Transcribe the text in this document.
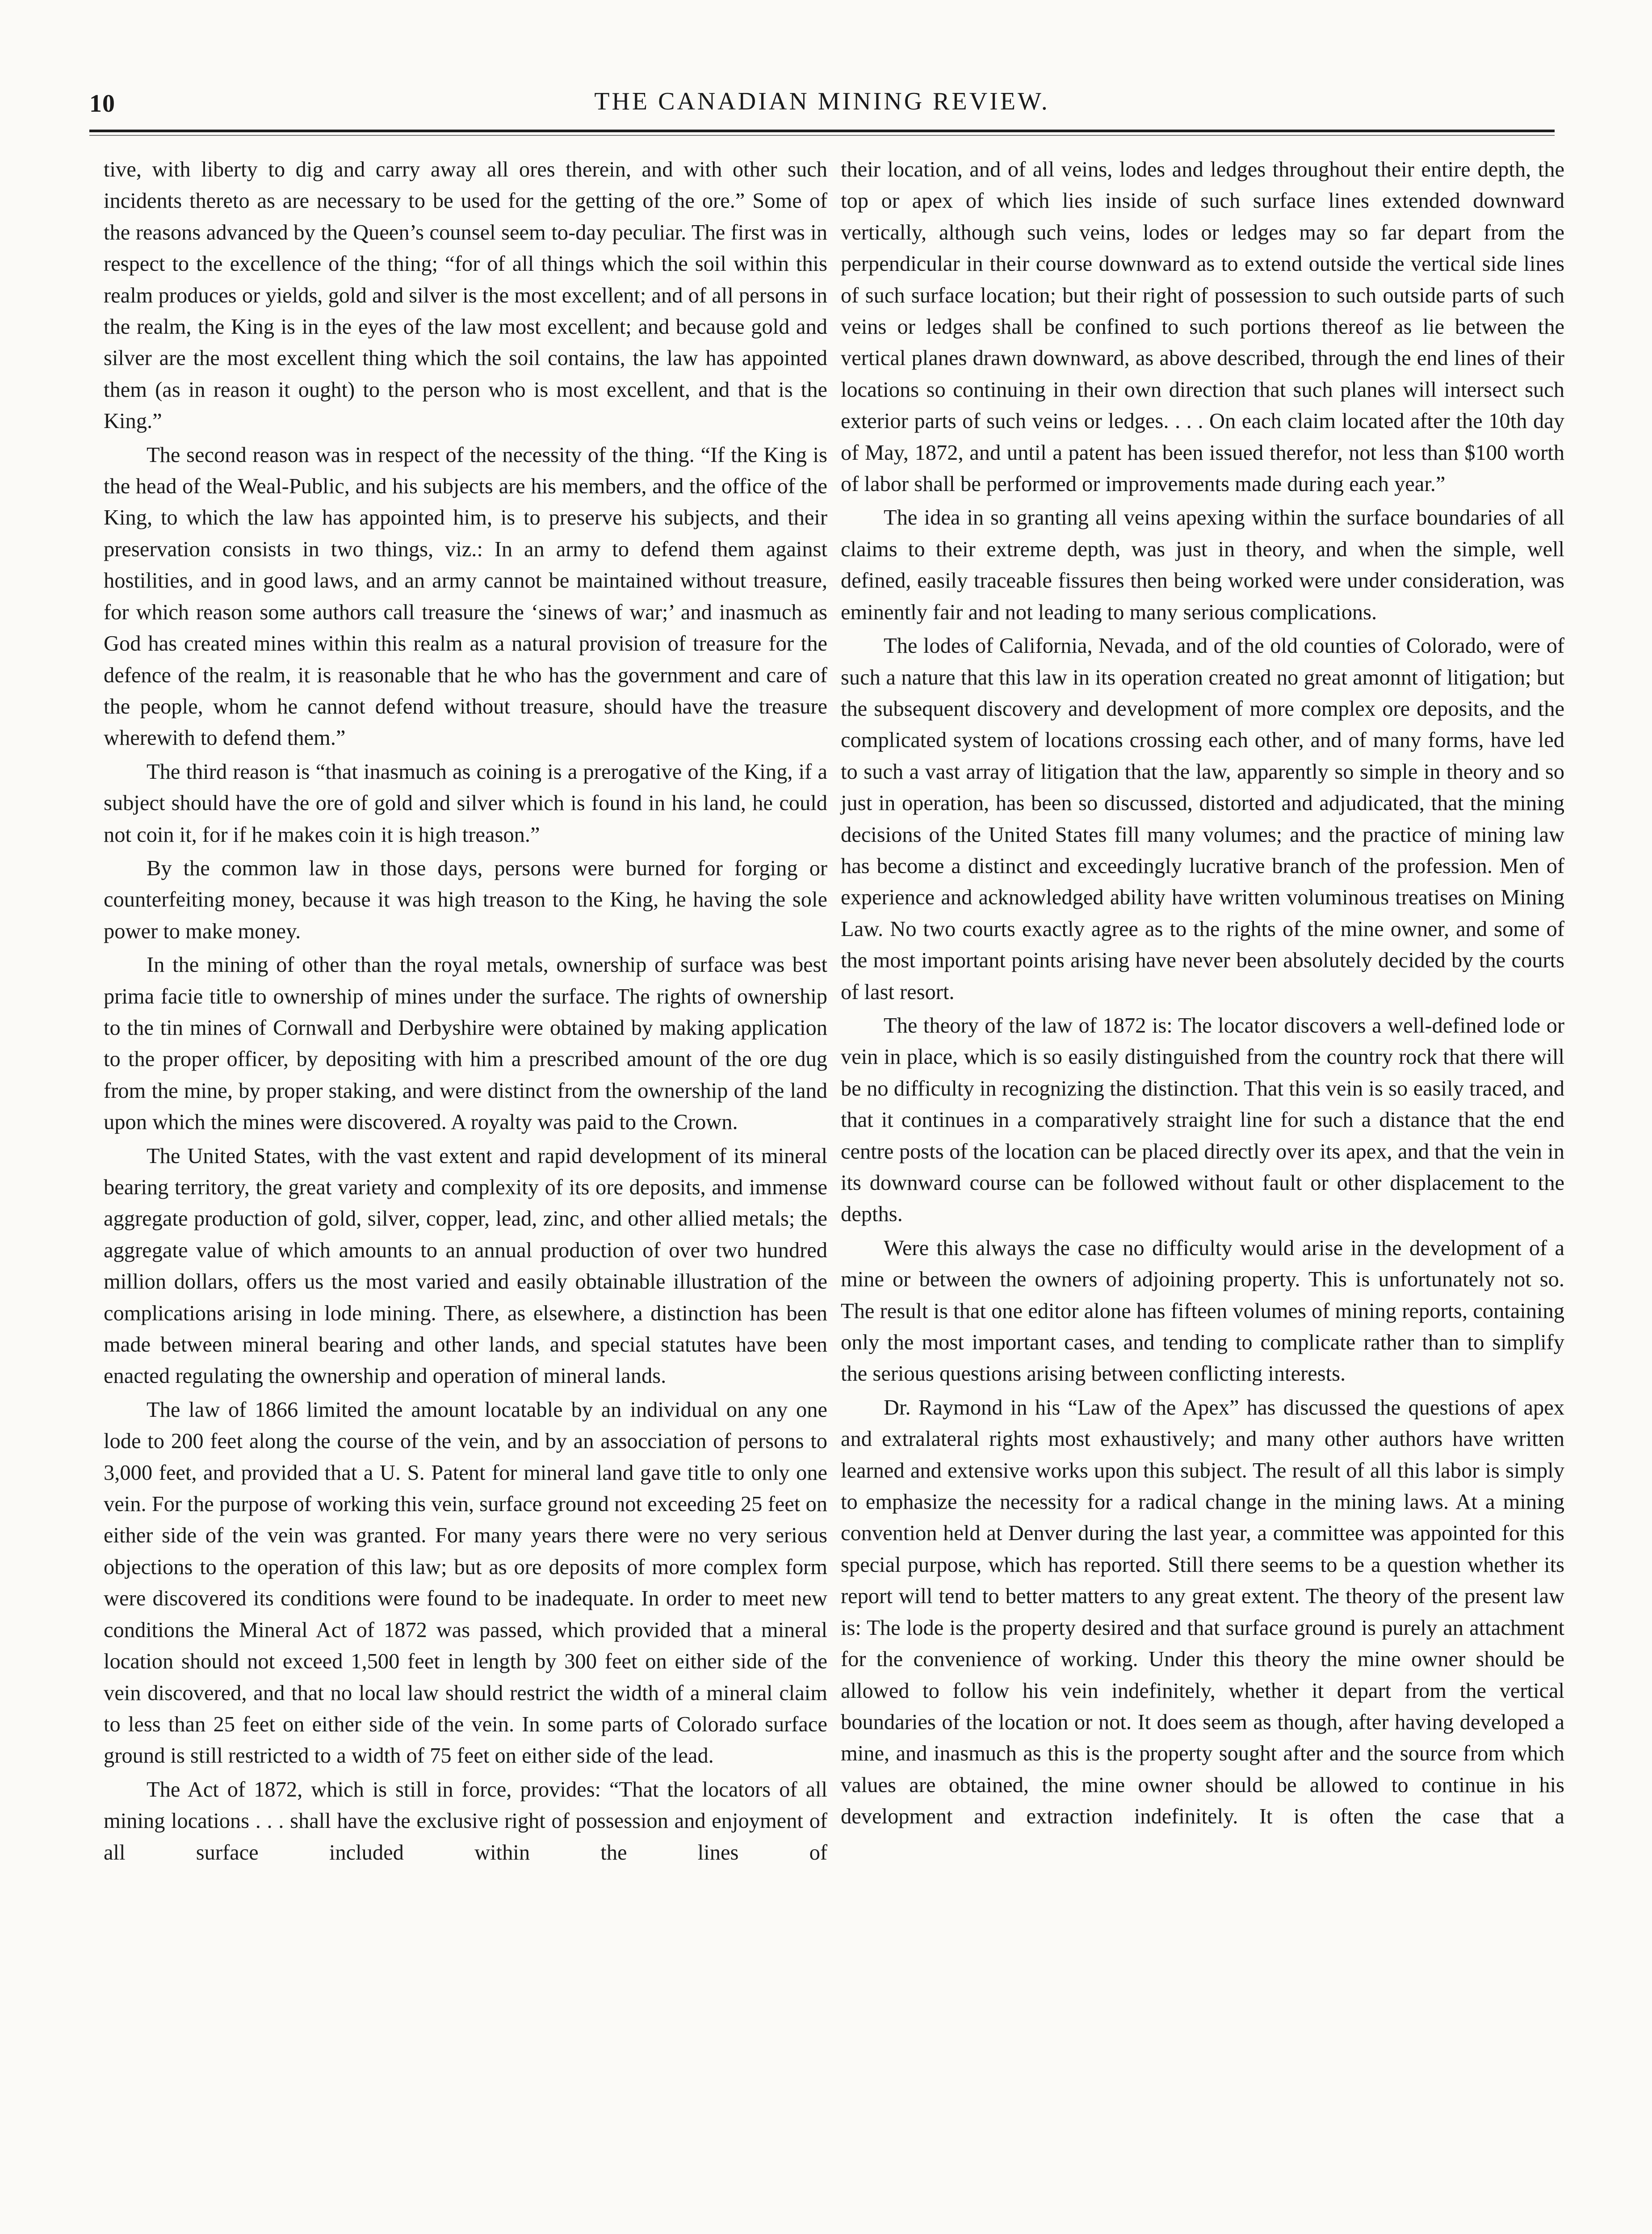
10	THE CANADIAN MINING REVIEW.

tive, with liberty to dig and carry away all ores therein, and with other such incidents thereto as are necessary to be used for the getting of the ore.” Some of the reasons advanced by the Queen’s counsel seem to-day peculiar. The first was in respect to the excellence of the thing; “for of all things which the soil within this realm produces or yields, gold and silver is the most excellent; and of all persons in the realm, the King is in the eyes of the law most excellent; and because gold and silver are the most excellent thing which the soil contains, the law has appointed them (as in reason it ought) to the person who is most excellent, and that is the King.”

The second reason was in respect of the necessity of the thing. “If the King is the head of the Weal-Public, and his subjects are his members, and the office of the King, to which the law has appointed him, is to preserve his subjects, and their preservation consists in two things, viz.: In an army to defend them against hostilities, and in good laws, and an army cannot be maintained without treasure, for which reason some authors call treasure the ‘sinews of war;’ and inasmuch as God has created mines within this realm as a natural provision of treasure for the defence of the realm, it is reasonable that he who has the government and care of the people, whom he cannot defend without treasure, should have the treasure wherewith to defend them.”

The third reason is “that inasmuch as coining is a prerogative of the King, if a subject should have the ore of gold and silver which is found in his land, he could not coin it, for if he makes coin it is high treason.”

By the common law in those days, persons were burned for forging or counterfeiting money, because it was high treason to the King, he having the sole power to make money.

In the mining of other than the royal metals, ownership of surface was best prima facie title to ownership of mines under the surface. The rights of ownership to the tin mines of Cornwall and Derbyshire were obtained by making application to the proper officer, by depositing with him a prescribed amount of the ore dug from the mine, by proper staking, and were distinct from the ownership of the land upon which the mines were discovered. A royalty was paid to the Crown.

The United States, with the vast extent and rapid development of its mineral bearing territory, the great variety and complexity of its ore deposits, and immense aggregate production of gold, silver, copper, lead, zinc, and other allied metals; the aggregate value of which amounts to an annual production of over two hundred million dollars, offers us the most varied and easily obtainable illustration of the complications arising in lode mining. There, as elsewhere, a distinction has been made between mineral bearing and other lands, and special statutes have been enacted regulating the ownership and operation of mineral lands.

The law of 1866 limited the amount locatable by an individual on any one lode to 200 feet along the course of the vein, and by an assocciation of persons to 3,000 feet, and provided that a U. S. Patent for mineral land gave title to only one vein. For the purpose of working this vein, surface ground not exceeding 25 feet on either side of the vein was granted. For many years there were no very serious objections to the operation of this law; but as ore deposits of more complex form were discovered its conditions were found to be inadequate. In order to meet new conditions the Mineral Act of 1872 was passed, which provided that a mineral location should not exceed 1,500 feet in length by 300 feet on either side of the vein discovered, and that no local law should restrict the width of a mineral claim to less than 25 feet on either side of the vein. In some parts of Colorado surface ground is still restricted to a width of 75 feet on either side of the lead.

The Act of 1872, which is still in force, provides: “That the locators of all mining locations . . . shall have the exclusive right of possession and enjoyment of all surface included within the lines of

their location, and of all veins, lodes and ledges throughout their entire depth, the top or apex of which lies inside of such surface lines extended downward vertically, although such veins, lodes or ledges may so far depart from the perpendicular in their course downward as to extend outside the vertical side lines of such surface location; but their right of possession to such outside parts of such veins or ledges shall be confined to such portions thereof as lie between the vertical planes drawn downward, as above described, through the end lines of their locations so continuing in their own direction that such planes will intersect such exterior parts of such veins or ledges. . . . On each claim located after the 10th day of May, 1872, and until a patent has been issued therefor, not less than $100 worth of labor shall be performed or improvements made during each year.”

The idea in so granting all veins apexing within the surface boundaries of all claims to their extreme depth, was just in theory, and when the simple, well defined, easily traceable fissures then being worked were under consideration, was eminently fair and not leading to many serious complications.

The lodes of California, Nevada, and of the old counties of Colorado, were of such a nature that this law in its operation created no great amonnt of litigation; but the subsequent discovery and development of more complex ore deposits, and the complicated system of locations crossing each other, and of many forms, have led to such a vast array of litigation that the law, apparently so simple in theory and so just in operation, has been so discussed, distorted and adjudicated, that the mining decisions of the United States fill many volumes; and the practice of mining law has become a distinct and exceedingly lucrative branch of the profession. Men of experience and acknowledged ability have written voluminous treatises on Mining Law. No two courts exactly agree as to the rights of the mine owner, and some of the most important points arising have never been absolutely decided by the courts of last resort.

The theory of the law of 1872 is: The locator discovers a well-defined lode or vein in place, which is so easily distinguished from the country rock that there will be no difficulty in recognizing the distinction. That this vein is so easily traced, and that it continues in a comparatively straight line for such a distance that the end centre posts of the location can be placed directly over its apex, and that the vein in its downward course can be followed without fault or other displacement to the depths.

Were this always the case no difficulty would arise in the development of a mine or between the owners of adjoining property. This is unfortunately not so. The result is that one editor alone has fifteen volumes of mining reports, containing only the most important cases, and tending to complicate rather than to simplify the serious questions arising between conflicting interests.

Dr. Raymond in his “Law of the Apex” has discussed the questions of apex and extralateral rights most exhaustively; and many other authors have written learned and extensive works upon this subject. The result of all this labor is simply to emphasize the necessity for a radical change in the mining laws. At a mining convention held at Denver during the last year, a committee was appointed for this special purpose, which has reported. Still there seems to be a question whether its report will tend to better matters to any great extent. The theory of the present law is: The lode is the property desired and that surface ground is purely an attachment for the convenience of working. Under this theory the mine owner should be allowed to follow his vein indefinitely, whether it depart from the vertical boundaries of the location or not. It does seem as though, after having developed a mine, and inasmuch as this is the property sought after and the source from which values are obtained, the mine owner should be allowed to continue in his development and extraction indefinitely. It is often the case that a
